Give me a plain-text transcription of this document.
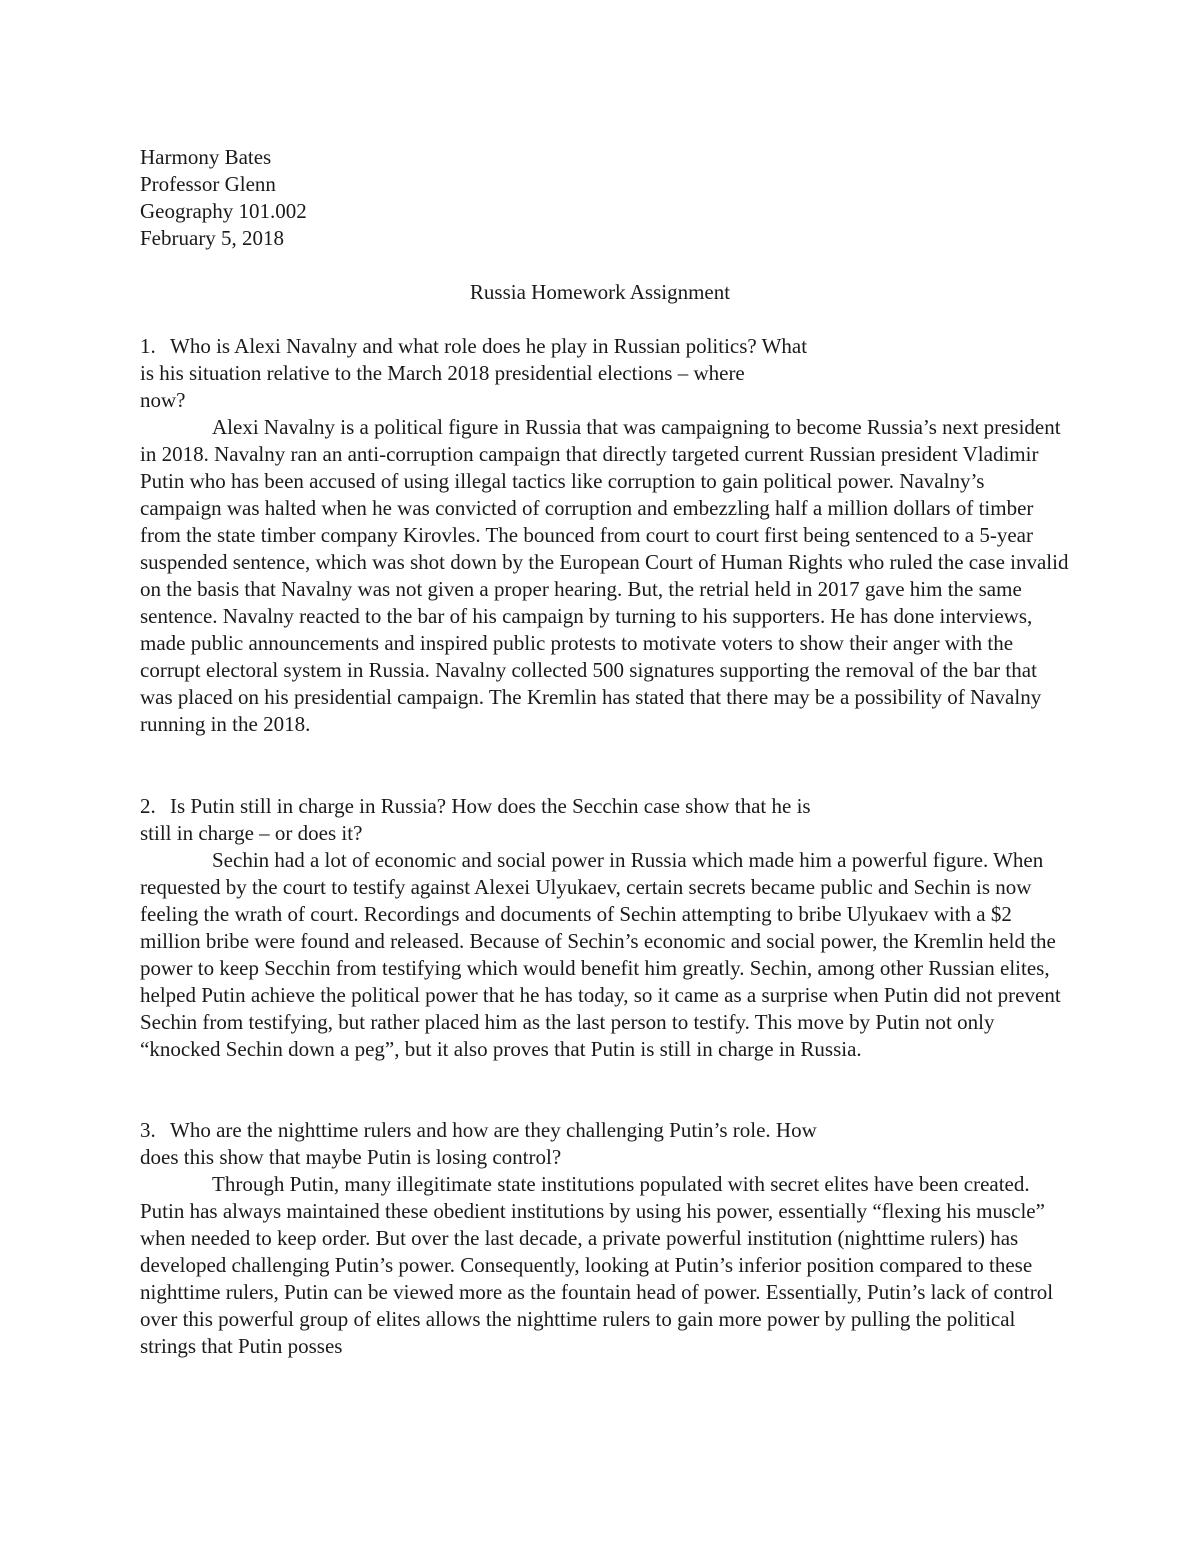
Harmony Bates
Professor Glenn
Geography 101.002
February 5, 2018
Russia Homework Assignment
1. Who is Alexi Navalny and what role does he play in Russian politics? What
is his situation relative to the March 2018 presidential elections – where
now?

Alexi Navalny is a political figure in Russia that was campaigning to become Russia’s next president in 2018. Navalny ran an anti-corruption campaign that directly targeted current Russian president Vladimir Putin who has been accused of using illegal tactics like corruption to gain political power. Navalny’s campaign was halted when he was convicted of corruption and embezzling half a million dollars of timber from the state timber company Kirovles. The bounced from court to court first being sentenced to a 5-year suspended sentence, which was shot down by the European Court of Human Rights who ruled the case invalid on the basis that Navalny was not given a proper hearing. But, the retrial held in 2017 gave him the same sentence. Navalny reacted to the bar of his campaign by turning to his supporters. He has done interviews, made public announcements and inspired public protests to motivate voters to show their anger with the corrupt electoral system in Russia. Navalny collected 500 signatures supporting the removal of the bar that was placed on his presidential campaign. The Kremlin has stated that there may be a possibility of Navalny running in the 2018.

2. Is Putin still in charge in Russia? How does the Secchin case show that he is
still in charge – or does it?

Sechin had a lot of economic and social power in Russia which made him a powerful figure. When requested by the court to testify against Alexei Ulyukaev, certain secrets became public and Sechin is now feeling the wrath of court. Recordings and documents of Sechin attempting to bribe Ulyukaev with a $2 million bribe were found and released. Because of Sechin’s economic and social power, the Kremlin held the power to keep Secchin from testifying which would benefit him greatly. Sechin, among other Russian elites, helped Putin achieve the political power that he has today, so it came as a surprise when Putin did not prevent Sechin from testifying, but rather placed him as the last person to testify. This move by Putin not only “knocked Sechin down a peg”, but it also proves that Putin is still in charge in Russia.

3. Who are the nighttime rulers and how are they challenging Putin’s role. How
does this show that maybe Putin is losing control?

Through Putin, many illegitimate state institutions populated with secret elites have been created. Putin has always maintained these obedient institutions by using his power, essentially “flexing his muscle” when needed to keep order. But over the last decade, a private powerful institution (nighttime rulers) has developed challenging Putin’s power. Consequently, looking at Putin’s inferior position compared to these nighttime rulers, Putin can be viewed more as the fountain head of power. Essentially, Putin’s lack of control over this powerful group of elites allows the nighttime rulers to gain more power by pulling the political strings that Putin posses
